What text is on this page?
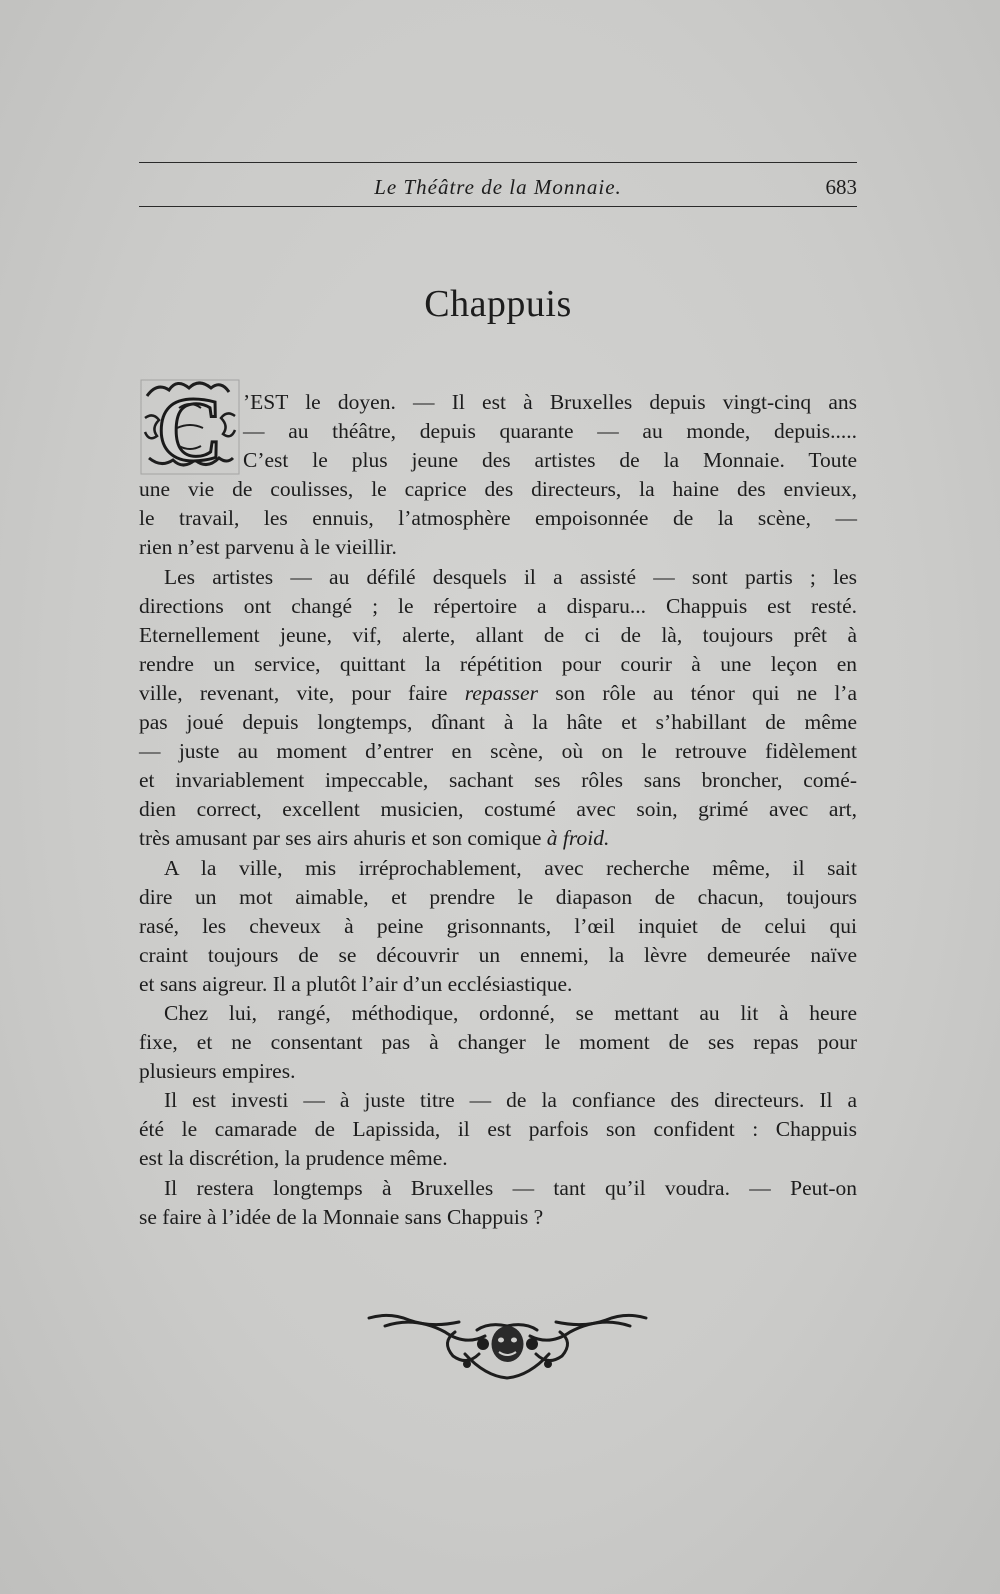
Le Théâtre de la Monnaie.	683
Chappuis
C ’EST le doyen. — Il est à Bruxelles depuis vingt-cinq ans
— au théâtre, depuis quarante — au monde, depuis.....
C’est le plus jeune des artistes de la Monnaie. Toute
une vie de coulisses, le caprice des directeurs, la haine des envieux,
le travail, les ennuis, l’atmosphère empoisonnée de la scène, —
rien n’est parvenu à le vieillir.
Les artistes — au défilé desquels il a assisté — sont partis ; les
directions ont changé ; le répertoire a disparu... Chappuis est resté.
Eternellement jeune, vif, alerte, allant de ci de là, toujours prêt à
rendre un service, quittant la répétition pour courir à une leçon en
ville, revenant, vite, pour faire repasser son rôle au ténor qui ne l’a
pas joué depuis longtemps, dînant à la hâte et s’habillant de même
— juste au moment d’entrer en scène, où on le retrouve fidèlement
et invariablement impeccable, sachant ses rôles sans broncher, comé-
dien correct, excellent musicien, costumé avec soin, grimé avec art,
très amusant par ses airs ahuris et son comique à froid.
A la ville, mis irréprochablement, avec recherche même, il sait
dire un mot aimable, et prendre le diapason de chacun, toujours
rasé, les cheveux à peine grisonnants, l’œil inquiet de celui qui
craint toujours de se découvrir un ennemi, la lèvre demeurée naïve
et sans aigreur. Il a plutôt l’air d’un ecclésiastique.
Chez lui, rangé, méthodique, ordonné, se mettant au lit à heure
fixe, et ne consentant pas à changer le moment de ses repas pour
plusieurs empires.
Il est investi — à juste titre — de la confiance des directeurs. Il a
été le camarade de Lapissida, il est parfois son confident : Chappuis
est la discrétion, la prudence même.
Il restera longtemps à Bruxelles — tant qu’il voudra. — Peut-on
se faire à l’idée de la Monnaie sans Chappuis ?
